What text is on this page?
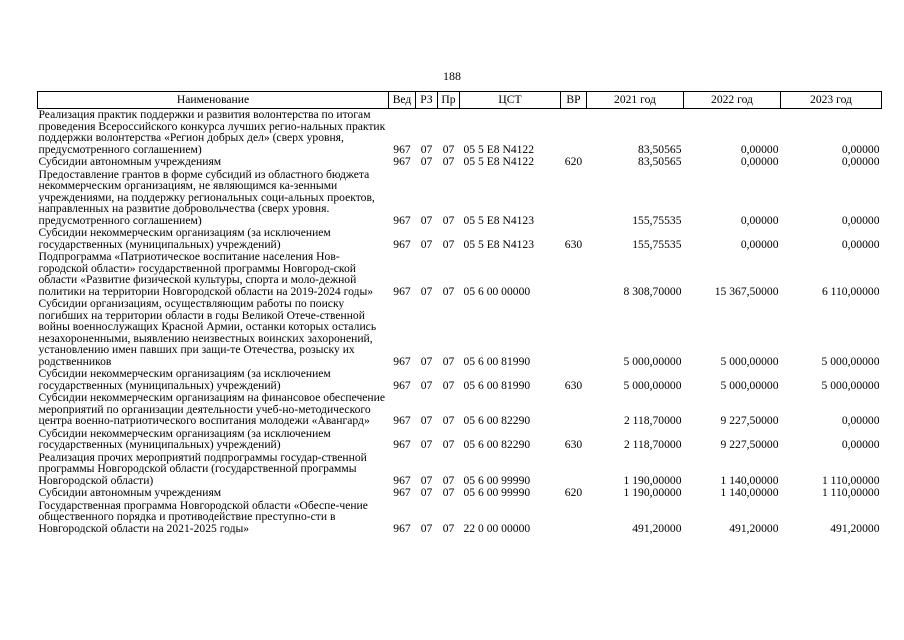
188
Наименование	Вед	РЗ	Пр	ЦСТ	ВР	2021 год	2022 год	2023 год
Реализация практик поддержки и развития волонтерства по итогам проведения Всероссийского конкурса лучших регио-нальных практик поддержки волонтерства «Регион добрых дел» (сверх уровня, предусмотренного соглашением)	967	07	07	05 5 E8 N4122		83,50565	0,00000	0,00000
Субсидии автономным учреждениям	967	07	07	05 5 E8 N4122	620	83,50565	0,00000	0,00000
Предоставление грантов в форме субсидий из областного бюджета некоммерческим организациям, не являющимся ка-зенными учреждениями, на поддержку региональных соци-альных проектов, направленных на развитие добровольчества (сверх уровня. предусмотренного соглашением)	967	07	07	05 5 E8 N4123		155,75535	0,00000	0,00000
Субсидии некоммерческим организациям (за исключением государственных (муниципальных) учреждений)	967	07	07	05 5 E8 N4123	630	155,75535	0,00000	0,00000
Подпрограмма «Патриотическое воспитание населения Нов-городской области» государственной программы Новгород-ской области «Развитие физической культуры, спорта и моло-дежной политики на территории Новгородской области на 2019-2024 годы»	967	07	07	05 6 00 00000		8 308,70000	15 367,50000	6 110,00000
Субсидии организациям, осуществляющим работы по поиску погибших на территории области в годы Великой Отече-ственной войны военнослужащих Красной Армии, останки которых остались незахороненными, выявлению неизвестных воинских захоронений, установлению имен павших при защи-те Отечества, розыску их родственников	967	07	07	05 6 00 81990		5 000,00000	5 000,00000	5 000,00000
Субсидии некоммерческим организациям (за исключением государственных (муниципальных) учреждений)	967	07	07	05 6 00 81990	630	5 000,00000	5 000,00000	5 000,00000
Субсидии некоммерческим организациям на финансовое обеспечение мероприятий по организации деятельности учеб-но-методического центра военно-патриотического воспитания молодежи «Авангард»	967	07	07	05 6 00 82290		2 118,70000	9 227,50000	0,00000
Субсидии некоммерческим организациям (за исключением государственных (муниципальных) учреждений)	967	07	07	05 6 00 82290	630	2 118,70000	9 227,50000	0,00000
Реализация прочих мероприятий подпрограммы государ-ственной программы Новгородской области (государственной программы Новгородской области)	967	07	07	05 6 00 99990		1 190,00000	1 140,00000	1 110,00000
Субсидии автономным учреждениям	967	07	07	05 6 00 99990	620	1 190,00000	1 140,00000	1 110,00000
Государственная программа Новгородской области «Обеспе-чение общественного порядка и противодействие преступно-сти в Новгородской области на 2021-2025 годы»	967	07	07	22 0 00 00000		491,20000	491,20000	491,20000
